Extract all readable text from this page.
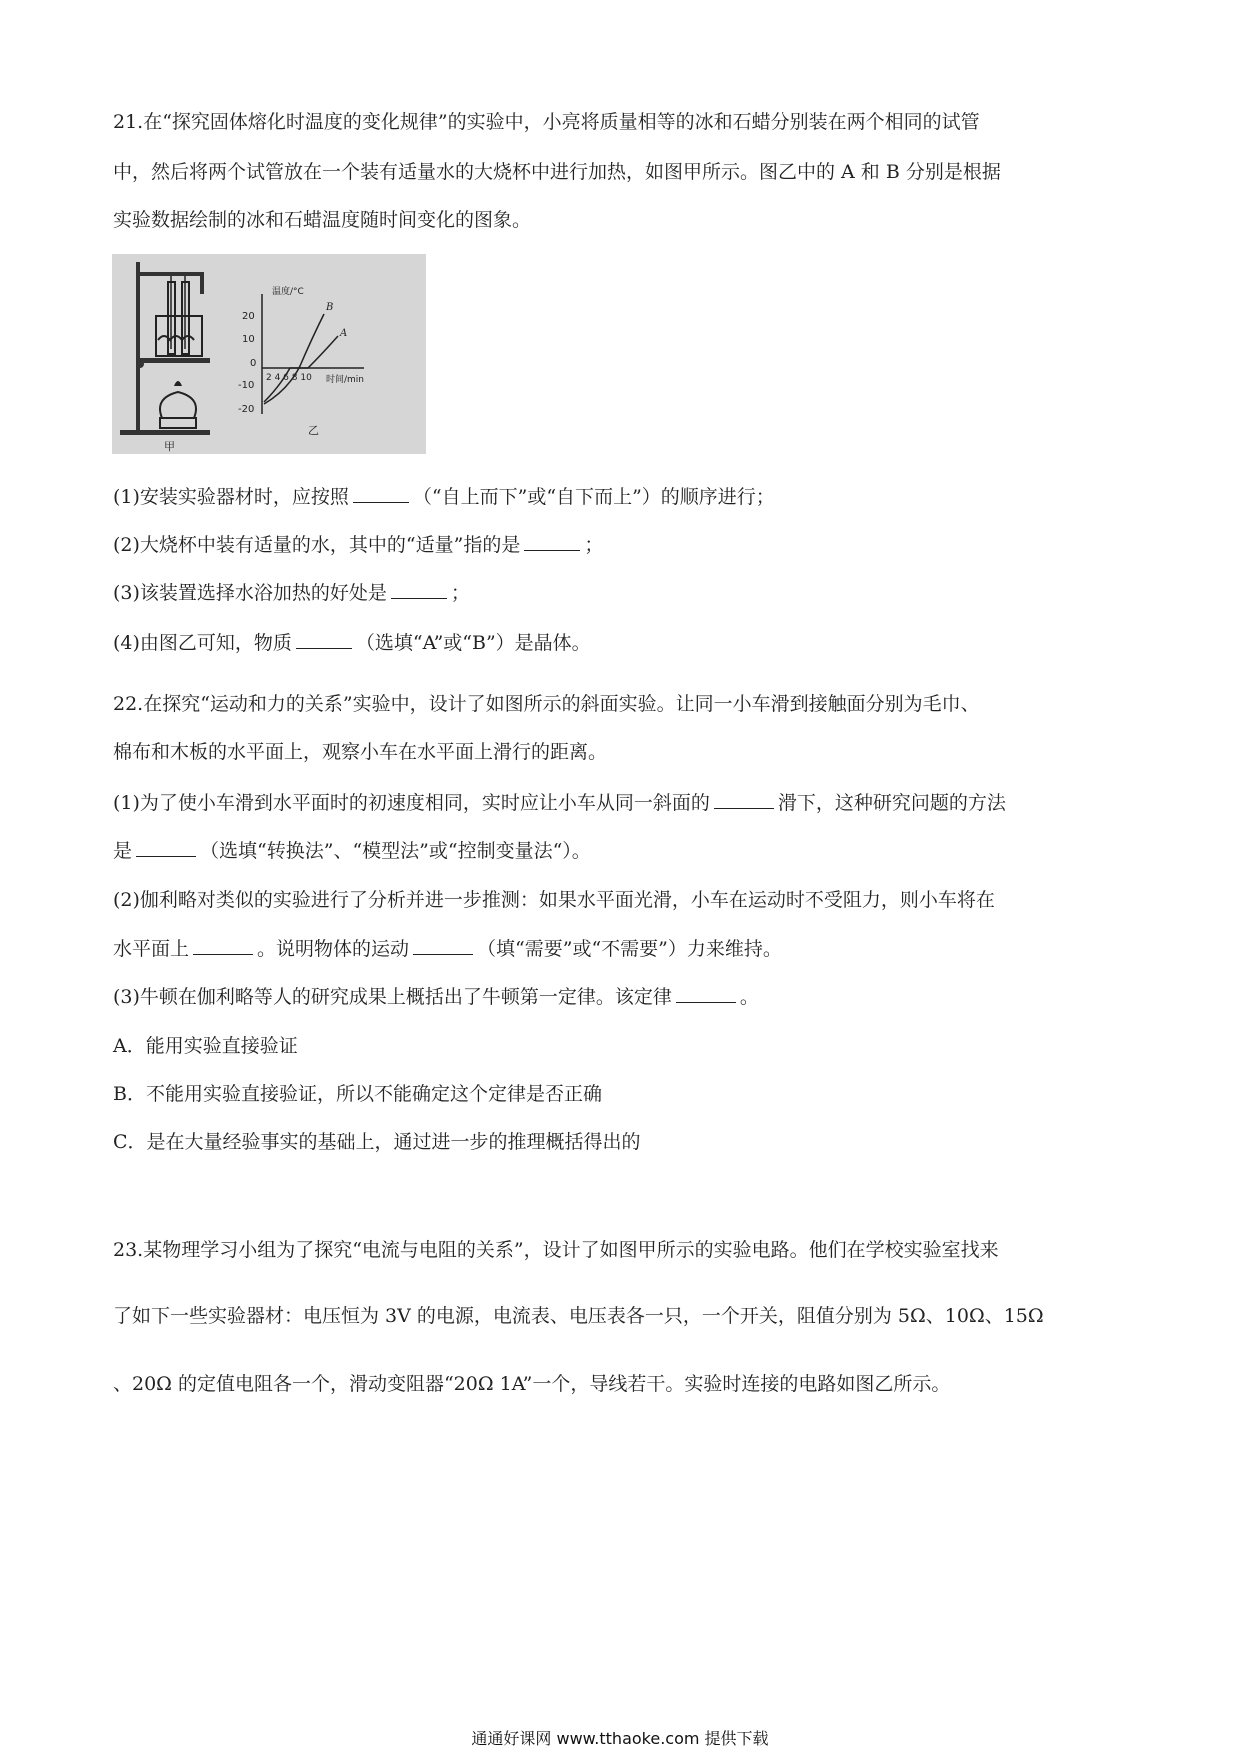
21.在“探究固体熔化时温度的变化规律”的实验中，小亮将质量相等的冰和石蜡分别装在两个相同的试管
中，然后将两个试管放在一个装有适量水的大烧杯中进行加热，如图甲所示。图乙中的 A 和 B 分别是根据
实验数据绘制的冰和石蜡温度随时间变化的图象。
甲
温度/°C
时间/min
20
10
0
-10
-20
2 4 6 8 10
B
A
乙
(1)安装实验器材时，应按照	（“自上而下”或“自下而上”）的顺序进行；
(2)大烧杯中装有适量的水，其中的“适量”指的是	；
(3)该装置选择水浴加热的好处是	；
(4)由图乙可知，物质	（选填“A”或“B”）是晶体。
22.在探究“运动和力的关系”实验中，设计了如图所示的斜面实验。让同一小车滑到接触面分别为毛巾、
棉布和木板的水平面上，观察小车在水平面上滑行的距离。
(1)为了使小车滑到水平面时的初速度相同，实时应让小车从同一斜面的	滑下，这种研究问题的方法
是	（选填“转换法”、“模型法”或“控制变量法“）。
(2)伽利略对类似的实验进行了分析并进一步推测：如果水平面光滑，小车在运动时不受阻力，则小车将在
水平面上	。说明物体的运动	（填“需要”或“不需要”）力来维持。
(3)牛顿在伽利略等人的研究成果上概括出了牛顿第一定律。该定律	。
A．能用实验直接验证
B．不能用实验直接验证，所以不能确定这个定律是否正确
C．是在大量经验事实的基础上，通过进一步的推理概括得出的
23.某物理学习小组为了探究“电流与电阻的关系”，设计了如图甲所示的实验电路。他们在学校实验室找来
了如下一些实验器材：电压恒为 3V 的电源，电流表、电压表各一只，一个开关，阻值分别为 5Ω、10Ω、15Ω
、20Ω 的定值电阻各一个，滑动变阻器“20Ω 1A”一个，导线若干。实验时连接的电路如图乙所示。
通通好课网 www.tthaoke.com 提供下载
